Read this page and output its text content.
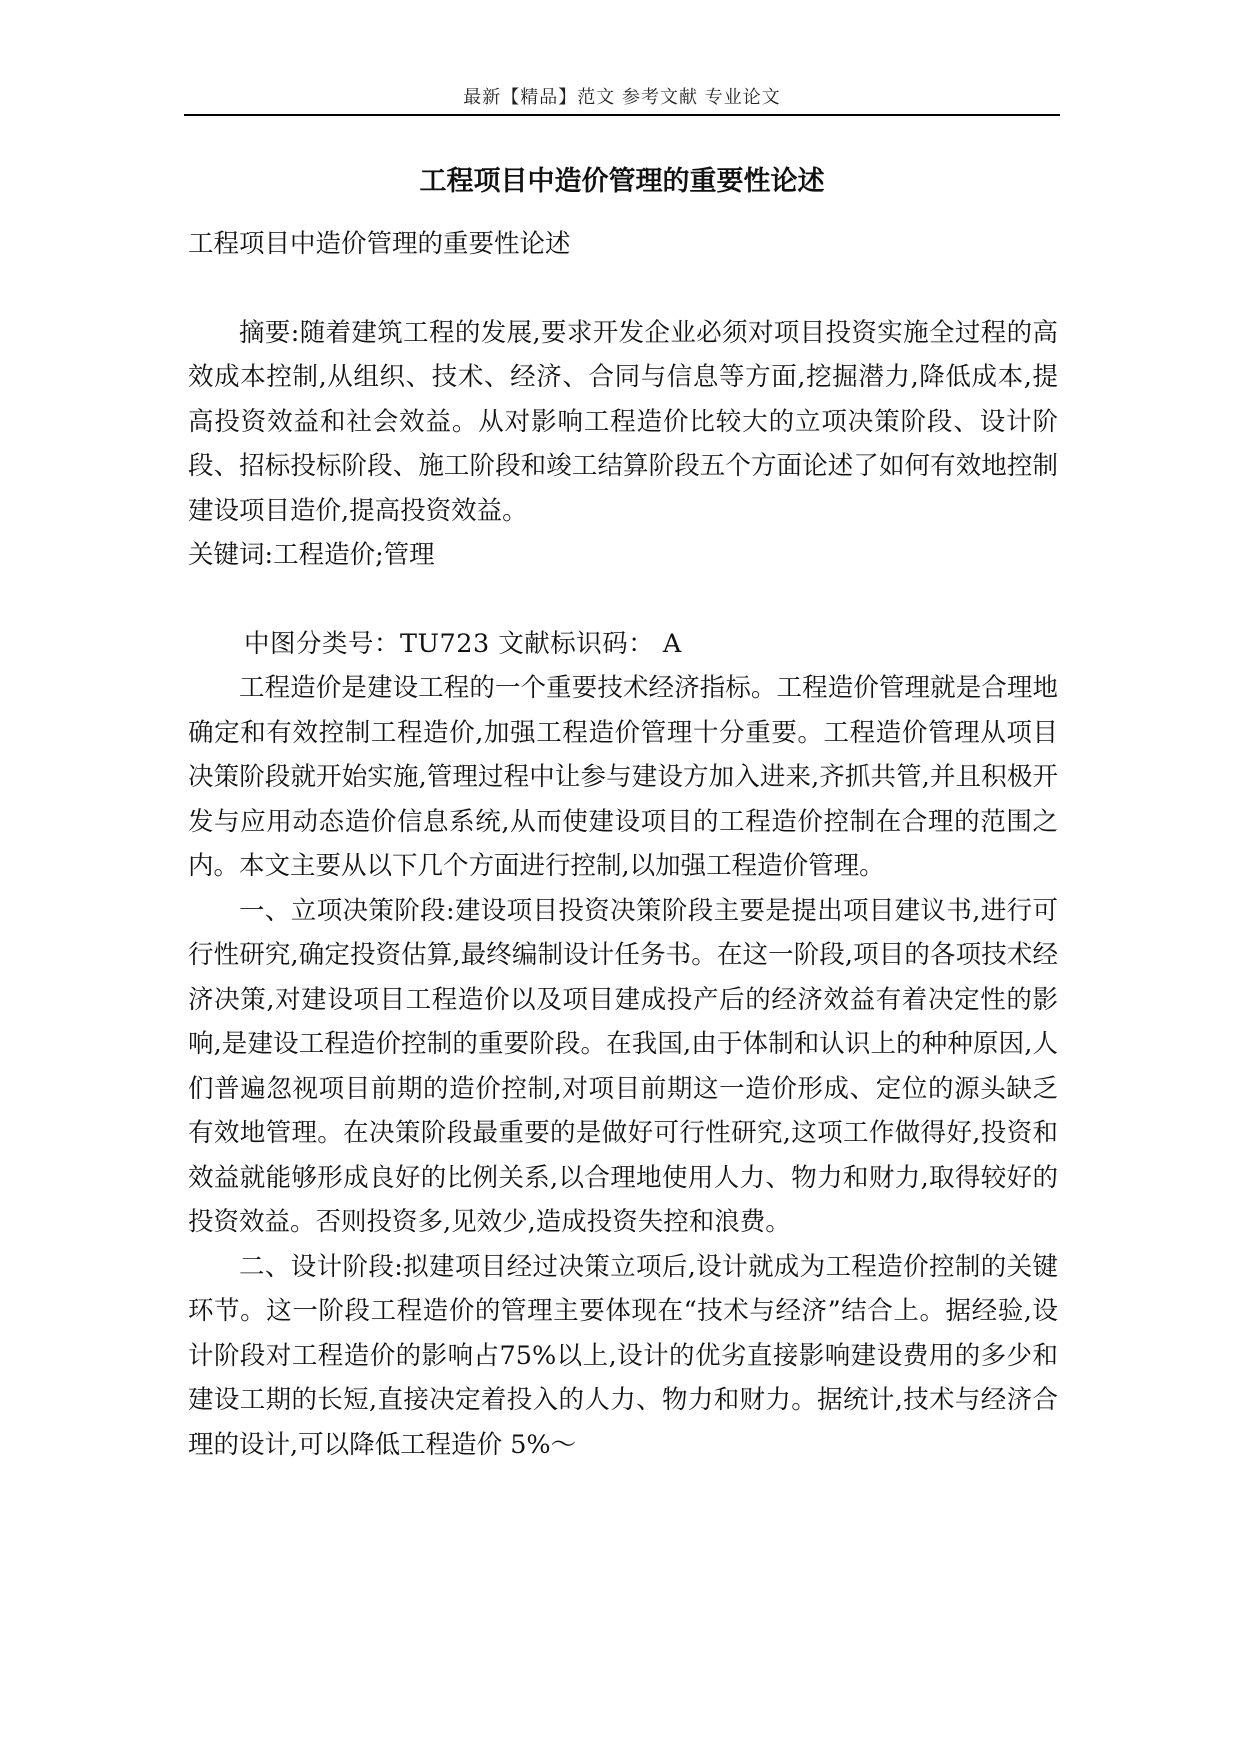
最新【精品】范文 参考文献 专业论文
工程项目中造价管理的重要性论述

工程项目中造价管理的重要性论述

摘要:随着建筑工程的发展,要求开发企业必须对项目投资实施全过程的高效成本控制,从组织、技术、经济、合同与信息等方面,挖掘潜力,降低成本,提高投资效益和社会效益。从对影响工程造价比较大的立项决策阶段、设计阶段、招标投标阶段、施工阶段和竣工结算阶段五个方面论述了如何有效地控制建设项目造价,提高投资效益。

关键词:工程造价;管理

中图分类号：TU723 文献标识码： A

工程造价是建设工程的一个重要技术经济指标。工程造价管理就是合理地确定和有效控制工程造价,加强工程造价管理十分重要。工程造价管理从项目决策阶段就开始实施,管理过程中让参与建设方加入进来,齐抓共管,并且积极开发与应用动态造价信息系统,从而使建设项目的工程造价控制在合理的范围之内。本文主要从以下几个方面进行控制,以加强工程造价管理。

一、立项决策阶段:建设项目投资决策阶段主要是提出项目建议书,进行可行性研究,确定投资估算,最终编制设计任务书。在这一阶段,项目的各项技术经济决策,对建设项目工程造价以及项目建成投产后的经济效益有着决定性的影响,是建设工程造价控制的重要阶段。在我国,由于体制和认识上的种种原因,人们普遍忽视项目前期的造价控制,对项目前期这一造价形成、定位的源头缺乏有效地管理。在决策阶段最重要的是做好可行性研究,这项工作做得好,投资和效益就能够形成良好的比例关系,以合理地使用人力、物力和财力,取得较好的投资效益。否则投资多,见效少,造成投资失控和浪费。

二、设计阶段:拟建项目经过决策立项后,设计就成为工程造价控制的关键环节。这一阶段工程造价的管理主要体现在“技术与经济”结合上。据经验,设计阶段对工程造价的影响占75%以上,设计的优劣直接影响建设费用的多少和建设工期的长短,直接决定着投入的人力、物力和财力。据统计,技术与经济合理的设计,可以降低工程造价 5%～
